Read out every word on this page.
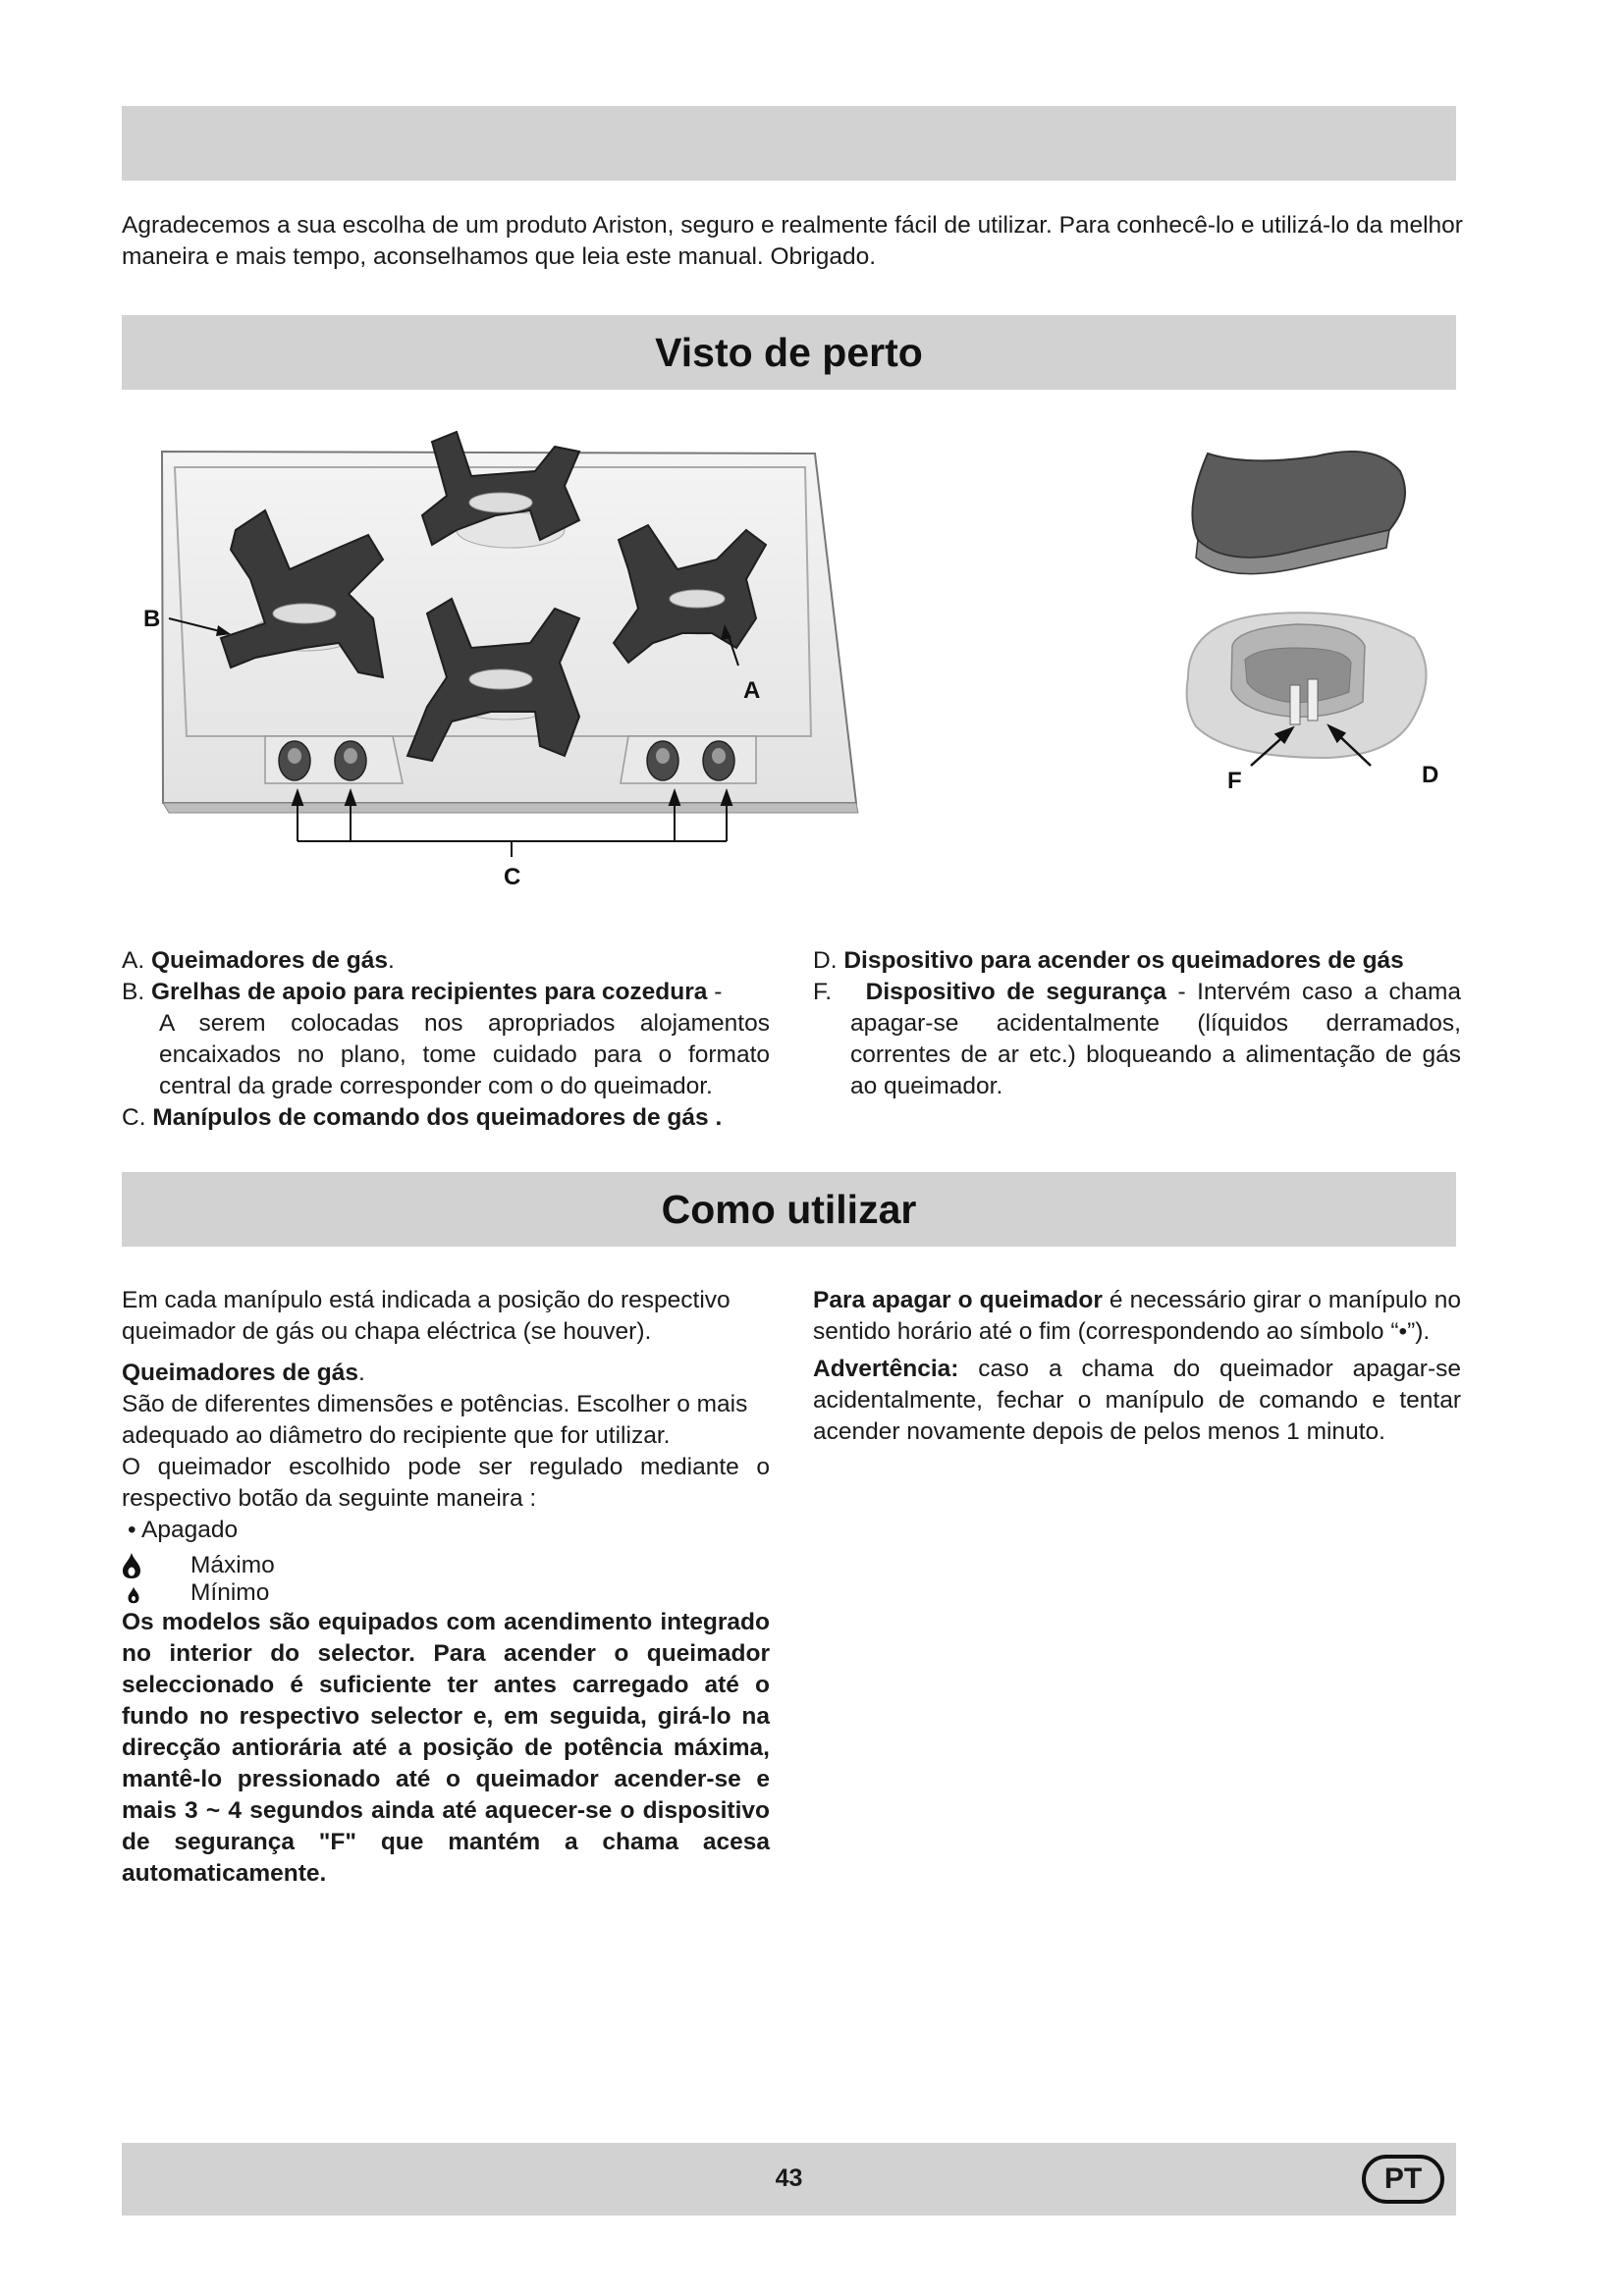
Agradecemos a sua escolha de um produto Ariston, seguro e realmente fácil de utilizar. Para conhecê-lo e utilizá-lo da melhor maneira e mais tempo, aconselhamos que leia este manual. Obrigado.
Visto de perto
B
A
C
F	D

A. Queimadores de gás.

B. Grelhas de apoio para recipientes para cozedura -

A serem colocadas nos apropriados alojamentos encaixados no plano, tome cuidado para o formato central da grade corresponder com o do queimador.

C. Manípulos de comando dos queimadores de gás .

D. Dispositivo para acender os queimadores de gás

F. Dispositivo de segurança - Intervém caso a chama apagar-se acidentalmente (líquidos derramados, correntes de ar etc.) bloqueando a alimentação de gás ao queimador.

Como utilizar

Em cada manípulo está indicada a posição do respectivo queimador de gás ou chapa eléctrica (se houver).

Queimadores de gás.

São de diferentes dimensões e potências. Escolher o mais adequado ao diâmetro do recipiente que for utilizar.

O queimador escolhido pode ser regulado mediante o respectivo botão da seguinte maneira :

• Apagado

Máximo
Mínimo

Os modelos são equipados com acendimento integrado no interior do selector. Para acender o queimador seleccionado é suficiente ter antes carregado até o fundo no respectivo selector e, em seguida, girá-lo na direcção antiorária até a posição de potência máxima, mantê-lo pressionado até o queimador acender-se e mais 3 ~ 4 segundos ainda até aquecer-se o dispositivo de segurança "F" que mantém a chama acesa automaticamente.

Para apagar o queimador é necessário girar o manípulo no sentido horário até o fim (correspondendo ao símbolo “•”).

Advertência: caso a chama do queimador apagar-se acidentalmente, fechar o manípulo de comando e tentar acender novamente depois de pelos menos 1 minuto.

43	PT
